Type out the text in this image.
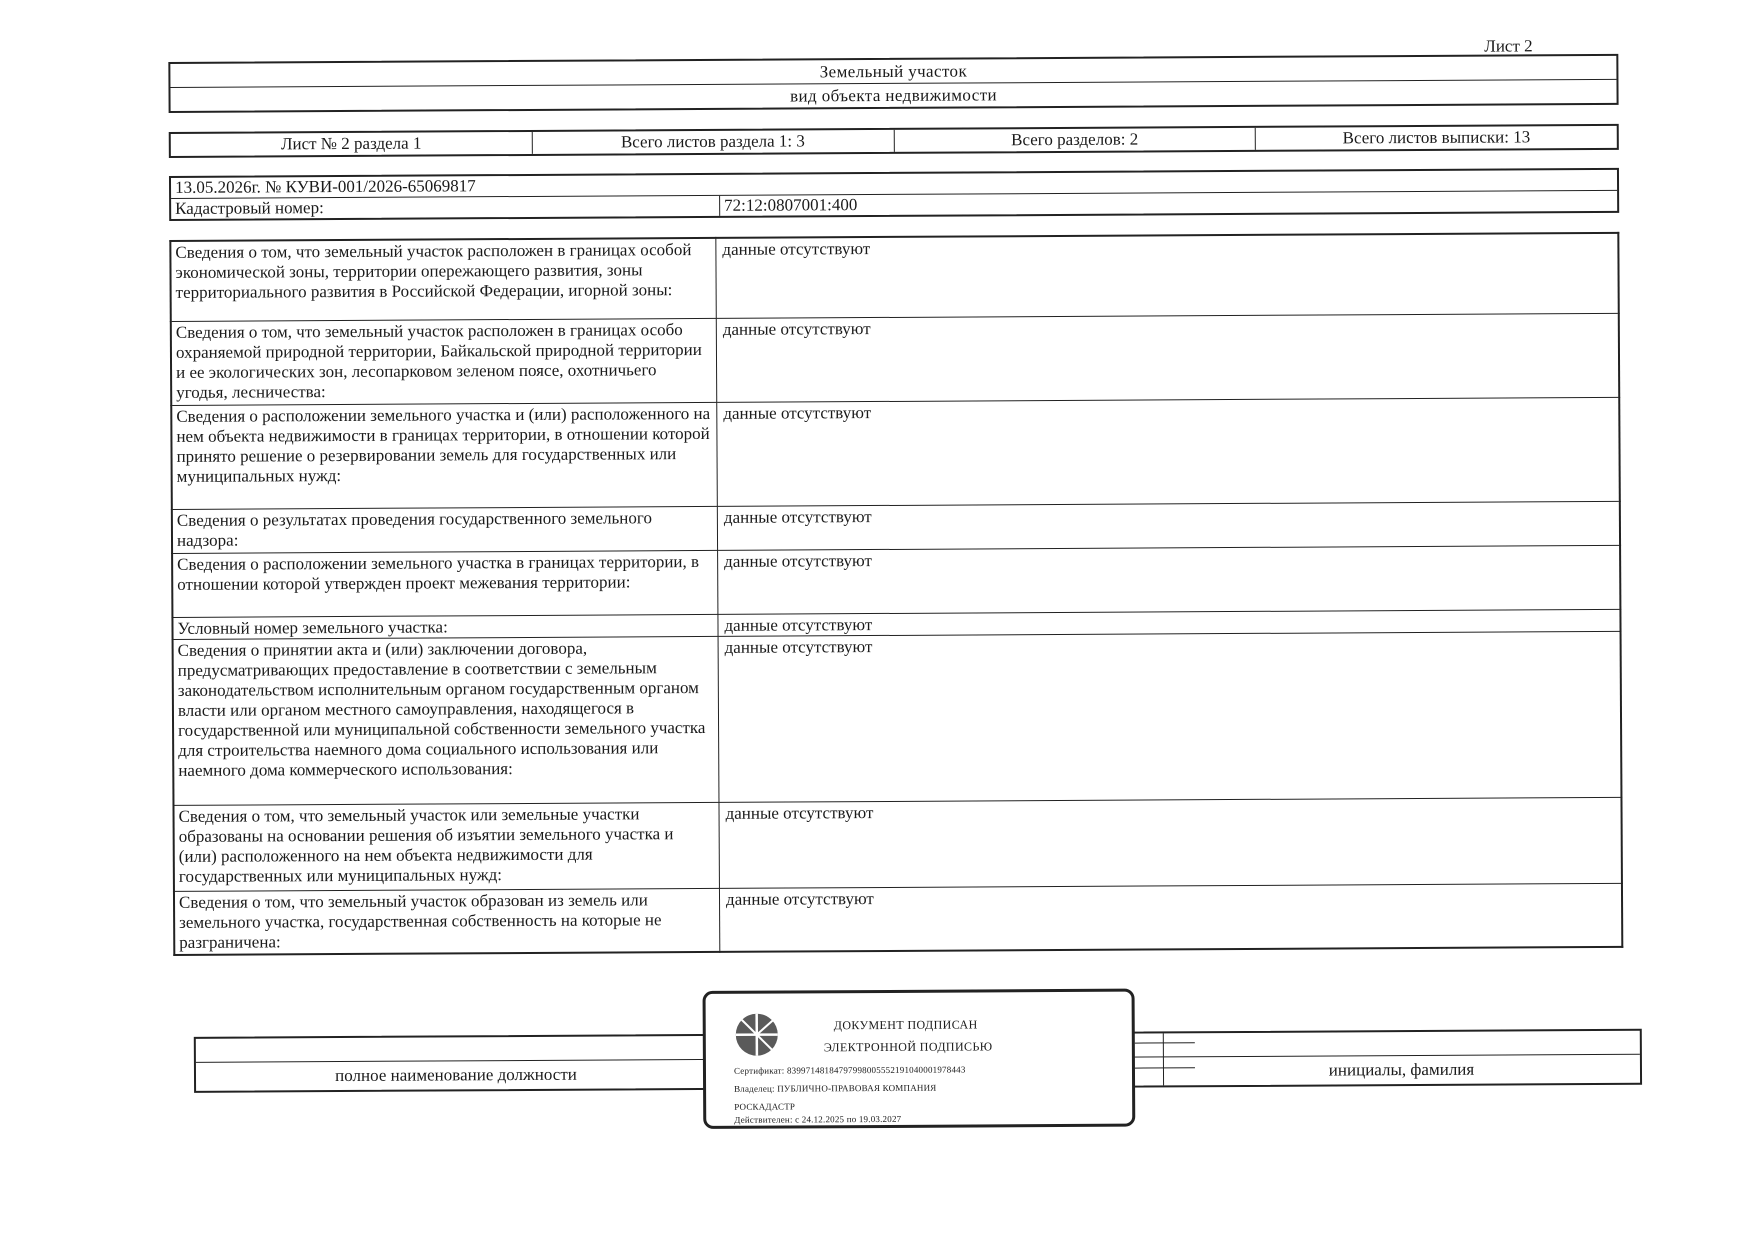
Лист 2
Земельный участок
вид объекта недвижимости
Лист № 2 раздела 1	Всего листов раздела 1: 3	Всего разделов: 2	Всего листов выписки: 13
13.05.2026г. № КУВИ-001/2026-65069817
Кадастровый номер:	72:12:0807001:400
Сведения о том, что земельный участок расположен в границах особой экономической зоны, территории опережающего развития, зоны территориального развития в Российской Федерации, игорной зоны:	данные отсутствуют
Сведения о том, что земельный участок расположен в границах особо охраняемой природной территории, Байкальской природной территории и ее экологических зон, лесопарковом зеленом поясе, охотничьего угодья, лесничества:	данные отсутствуют
Сведения о расположении земельного участка и (или) расположенного на нем объекта недвижимости в границах территории, в отношении которой принято решение о резервировании земель для государственных или муниципальных нужд:	данные отсутствуют
Сведения о результатах проведения государственного земельного надзора:	данные отсутствуют
Сведения о расположении земельного участка в границах территории, в отношении которой утвержден проект межевания территории:	данные отсутствуют
Условный номер земельного участка:	данные отсутствуют
Сведения о принятии акта и (или) заключении договора, предусматривающих предоставление в соответствии с земельным законодательством исполнительным органом государственным органом власти или органом местного самоуправления, находящегося в государственной или муниципальной собственности земельного участка для строительства наемного дома социального использования или наемного дома коммерческого использования:	данные отсутствуют
Сведения о том, что земельный участок или земельные участки образованы на основании решения об изъятии земельного участка и (или) расположенного на нем объекта недвижимости для государственных или муниципальных нужд:	данные отсутствуют
Сведения о том, что земельный участок образован из земель или земельного участка, государственная собственность на которые не разграничена:	данные отсутствуют
полное наименование должности	инициалы, фамилия
ДОКУМЕНТ ПОДПИСАН
ЭЛЕКТРОННОЙ ПОДПИСЬЮ
Сертификат: 839971481847979980055521910400019784​43
Владелец: ПУБЛИЧНО-ПРАВОВАЯ КОМПАНИЯ
РОСКАДАСТР
Действителен: с 24.12.2025 по 19.03.2027
